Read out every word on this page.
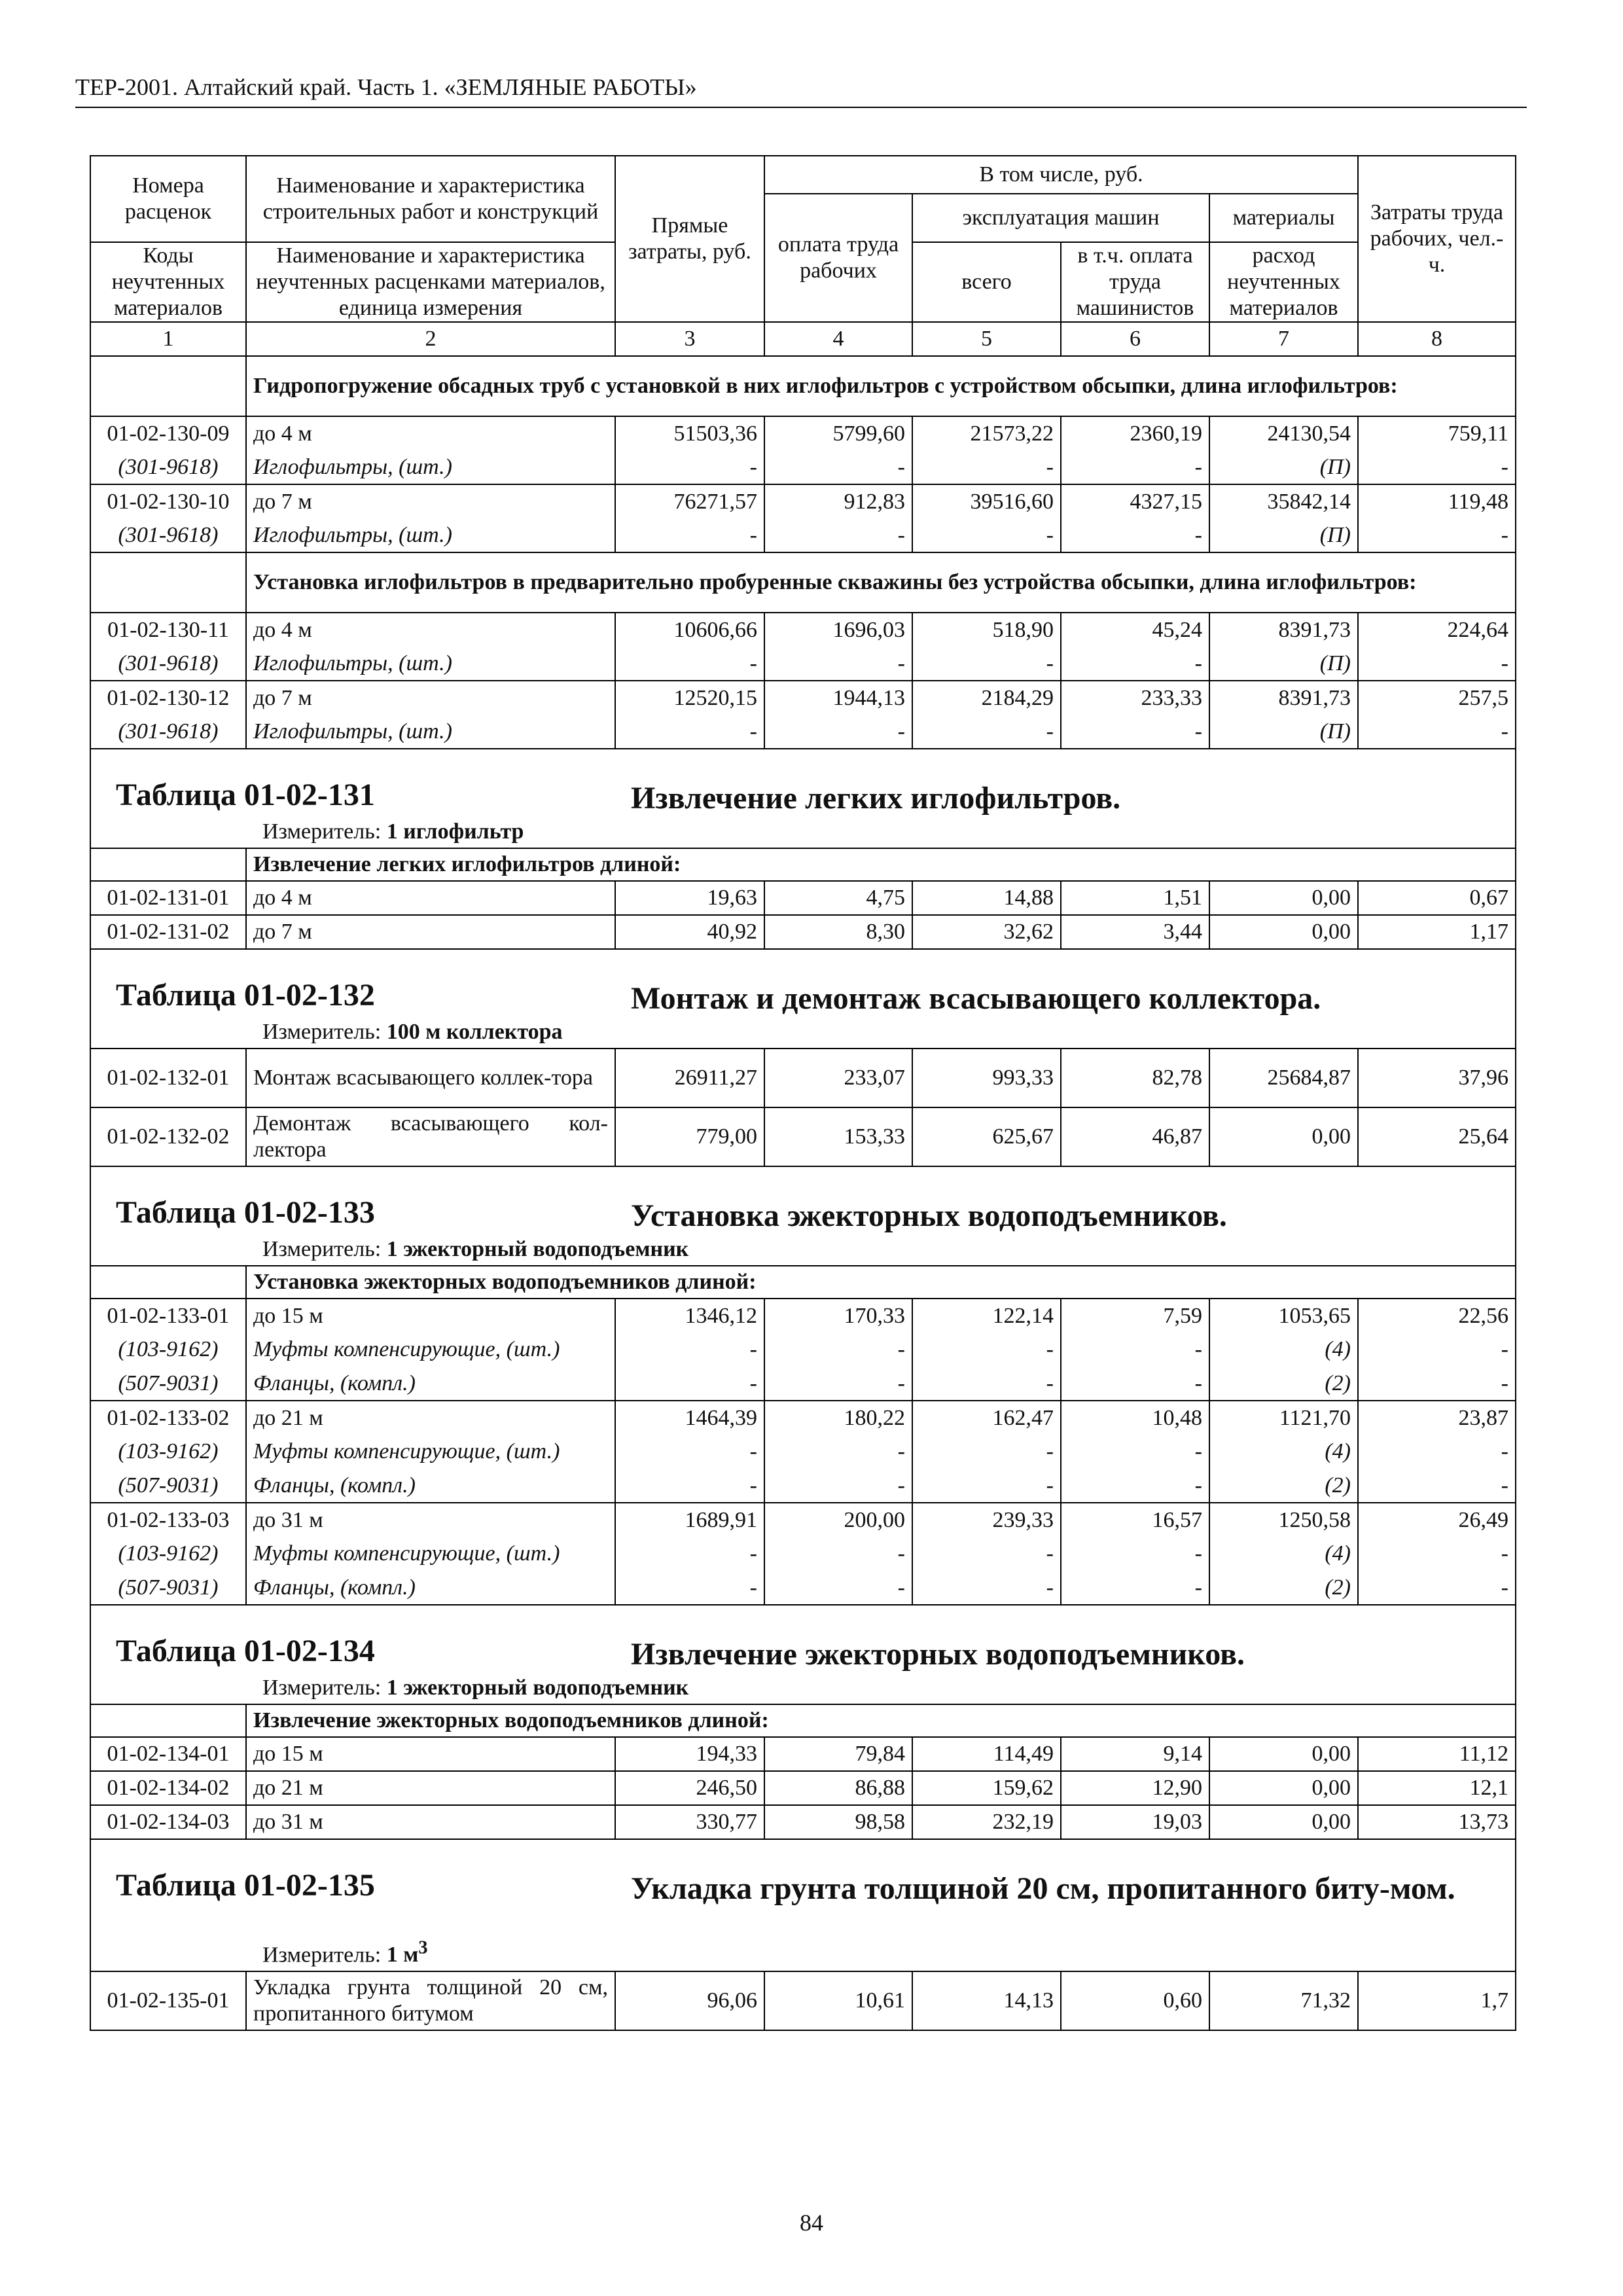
ТЕР-2001. Алтайский край. Часть 1. «ЗЕМЛЯНЫЕ РАБОТЫ»
Номера расценок	Наименование и характеристика строительных работ и конструкций	Прямые затраты, руб.	В том числе, руб.				Затраты труда рабочих, чел.-ч.
			оплата труда рабочих	эксплуатация машин		материалы	
Коды неучтенных материалов	Наименование и характеристика неучтенных расценками материалов, единица измерения			всего	в т.ч. оплата труда машинистов	расход неучтенных материалов	
1	2	3	4	5	6	7	8
	Гидропогружение обсадных труб с установкой в них иглофильтров с устройством обсыпки, длина иглофильтров:						
01-02-130-09	до 4 м	51503,36	5799,60	21573,22	2360,19	24130,54	759,11
(301-9618)	Иглофильтры, (шт.)	-	-	-	-	(П)	-
01-02-130-10	до 7 м	76271,57	912,83	39516,60	4327,15	35842,14	119,48
(301-9618)	Иглофильтры, (шт.)	-	-	-	-	(П)	-
	Установка иглофильтров в предварительно пробуренные скважины без устройства обсыпки, длина иглофильтров:						
01-02-130-11	до 4 м	10606,66	1696,03	518,90	45,24	8391,73	224,64
(301-9618)	Иглофильтры, (шт.)	-	-	-	-	(П)	-
01-02-130-12	до 7 м	12520,15	1944,13	2184,29	233,33	8391,73	257,5
(301-9618)	Иглофильтры, (шт.)	-	-	-	-	(П)	-

Таблица 01-02-131 Извлечение легких иглофильтров.
Измеритель: 1 иглофильтр							

	Извлечение легких иглофильтров длиной:						
01-02-131-01	до 4 м	19,63	4,75	14,88	1,51	0,00	0,67
01-02-131-02	до 7 м	40,92	8,30	32,62	3,44	0,00	1,17

Таблица 01-02-132 Монтаж и демонтаж всасывающего коллектора.
Измеритель: 100 м коллектора							

01-02-132-01	Монтаж всасывающего коллек-тора	26911,27	233,07	993,33	82,78	25684,87	37,96
01-02-132-02	Демонтаж всасывающего кол-лектора	779,00	153,33	625,67	46,87	0,00	25,64

Таблица 01-02-133 Установка эжекторных водоподъемников.
Измеритель: 1 эжекторный водоподъемник							

	Установка эжекторных водоподъемников длиной:						
01-02-133-01	до 15 м	1346,12	170,33	122,14	7,59	1053,65	22,56
(103-9162)	Муфты компенсирующие, (шт.)	-	-	-	-	(4)	-
(507-9031)	Фланцы, (компл.)	-	-	-	-	(2)	-
01-02-133-02	до 21 м	1464,39	180,22	162,47	10,48	1121,70	23,87
(103-9162)	Муфты компенсирующие, (шт.)	-	-	-	-	(4)	-
(507-9031)	Фланцы, (компл.)	-	-	-	-	(2)	-
01-02-133-03	до 31 м	1689,91	200,00	239,33	16,57	1250,58	26,49
(103-9162)	Муфты компенсирующие, (шт.)	-	-	-	-	(4)	-
(507-9031)	Фланцы, (компл.)	-	-	-	-	(2)	-

Таблица 01-02-134 Извлечение эжекторных водоподъемников.
Измеритель: 1 эжекторный водоподъемник							

	Извлечение эжекторных водоподъемников длиной:						
01-02-134-01	до 15 м	194,33	79,84	114,49	9,14	0,00	11,12
01-02-134-02	до 21 м	246,50	86,88	159,62	12,90	0,00	12,1
01-02-134-03	до 31 м	330,77	98,58	232,19	19,03	0,00	13,73

Таблица 01-02-135 Укладка грунта толщиной 20 см, пропитанного биту-мом.
Измеритель: 1 $м^3$

01-02-135-01	Укладка грунта толщиной 20 см, пропитанного битумом	96,06	10,61	14,13	0,60	71,32	1,7
84
